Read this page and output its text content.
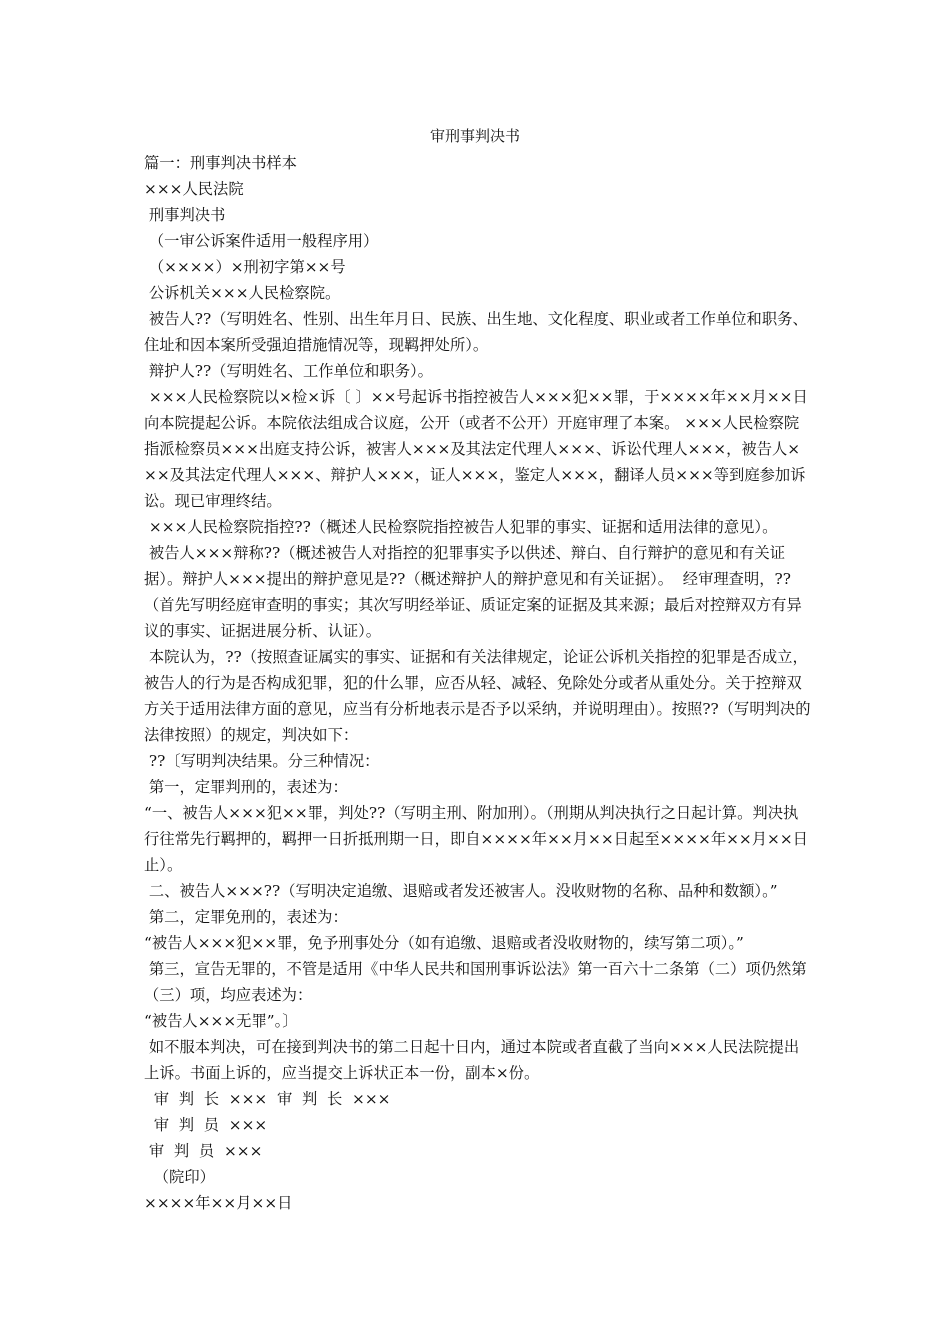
审刑事判决书

篇一：刑事判决书样本

×××人民法院

刑事判决书

（一审公诉案件适用一般程序用）

（××××）×刑初字第××号

公诉机关×××人民检察院。

被告人??（写明姓名、性别、出生年月日、民族、出生地、文化程度、职业或者工作单位和职务、住址和因本案所受强迫措施情况等，现羁押处所）。

辩护人??（写明姓名、工作单位和职务）。

×××人民检察院以×检×诉〔 〕××号起诉书指控被告人×××犯××罪，于××××年××月××日向本院提起公诉。本院依法组成合议庭，公开（或者不公开）开庭审理了本案。 ×××人民检察院指派检察员×××出庭支持公诉，被害人×××及其法定代理人×××、诉讼代理人×××，被告人×××及其法定代理人×××、辩护人×××，证人×××，鉴定人×××，翻译人员×××等到庭参加诉讼。现已审理终结。

×××人民检察院指控??（概述人民检察院指控被告人犯罪的事实、证据和适用法律的意见）。

被告人×××辩称??（概述被告人对指控的犯罪事实予以供述、辩白、自行辩护的意见和有关证据）。辩护人×××提出的辩护意见是??（概述辩护人的辩护意见和有关证据）。  经审理查明，??（首先写明经庭审查明的事实；其次写明经举证、质证定案的证据及其来源；最后对控辩双方有异议的事实、证据进展分析、认证）。

本院认为，??（按照查证属实的事实、证据和有关法律规定，论证公诉机关指控的犯罪是否成立，被告人的行为是否构成犯罪，犯的什么罪，应否从轻、减轻、免除处分或者从重处分。关于控辩双方关于适用法律方面的意见，应当有分析地表示是否予以采纳，并说明理由）。按照??（写明判决的法律按照）的规定，判决如下：

??〔写明判决结果。分三种情况：

第一，定罪判刑的，表述为：

“一、被告人×××犯××罪，判处??（写明主刑、附加刑）。（刑期从判决执行之日起计算。判决执行往常先行羁押的，羁押一日折抵刑期一日，即自××××年××月××日起至××××年××月××日止）。

二、被告人×××??（写明决定追缴、退赔或者发还被害人。没收财物的名称、品种和数额）。”

第二，定罪免刑的，表述为：

“被告人×××犯××罪，免予刑事处分（如有追缴、退赔或者没收财物的，续写第二项）。”

第三，宣告无罪的，不管是适用《中华人民共和国刑事诉讼法》第一百六十二条第（二）项仍然第（三）项，均应表述为：

“被告人×××无罪”。〕

如不服本判决，可在接到判决书的第二日起十日内，通过本院或者直截了当向×××人民法院提出上诉。书面上诉的，应当提交上诉状正本一份，副本×份。

审  判  长  ×××  审  判  长  ×××

审  判  员  ×××

审  判  员  ×××

（院印）

××××年××月××日
